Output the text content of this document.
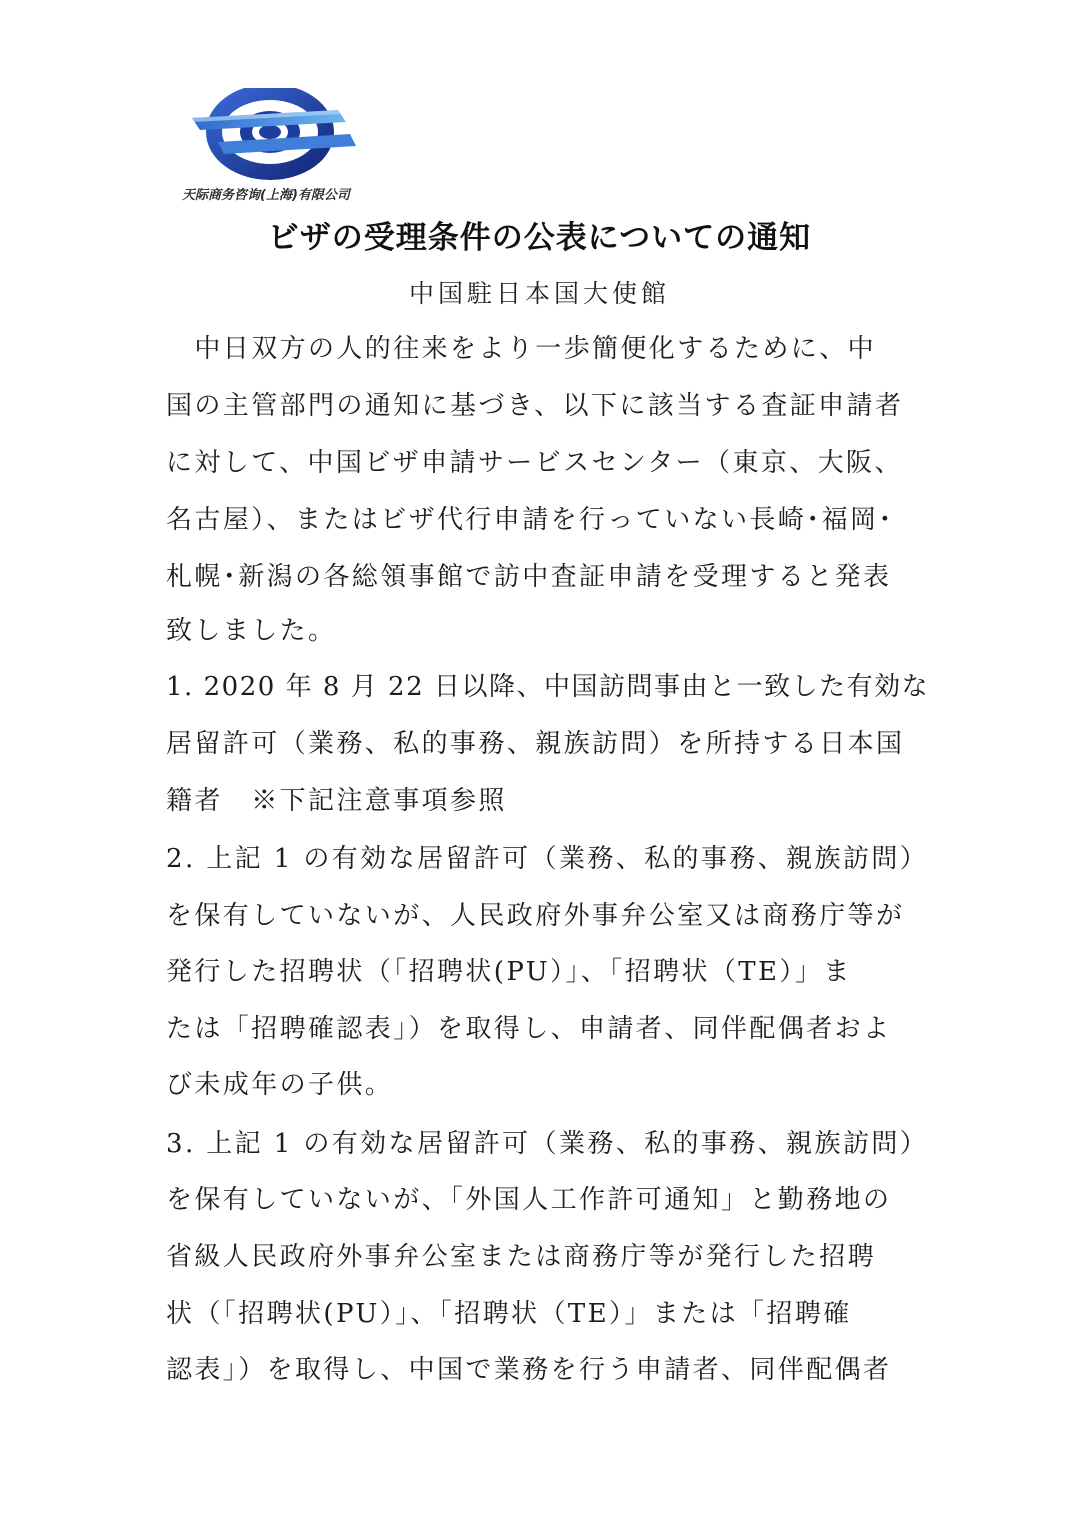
天际商务咨询(上海)有限公司
ビザの受理条件の公表についての通知
中国駐日本国大使館
　中日双方の人的往来をより一歩簡便化するために、中
国の主管部門の通知に基づき、以下に該当する査証申請者
に対して、中国ビザ申請サービスセンター（東京、大阪、
名古屋）、またはビザ代行申請を行っていない長崎･福岡･
札幌･新潟の各総領事館で訪中査証申請を受理すると発表
致しました。
1. 2020 年 8 月 22 日以降、中国訪問事由と一致した有効な
居留許可（業務、私的事務、親族訪問）を所持する日本国
籍者　※下記注意事項参照
2. 上記 1 の有効な居留許可（業務、私的事務、親族訪問）
を保有していないが、人民政府外事弁公室又は商務庁等が
発行した招聘状（「招聘状(PU）」、「招聘状（TE）」ま
たは「招聘確認表」）を取得し、申請者、同伴配偶者およ
び未成年の子供。
3. 上記 1 の有効な居留許可（業務、私的事務、親族訪問）
を保有していないが、「外国人工作許可通知」と勤務地の
省級人民政府外事弁公室または商務庁等が発行した招聘
状（「招聘状(PU）」、「招聘状（TE）」または「招聘確
認表」）を取得し、中国で業務を行う申請者、同伴配偶者
